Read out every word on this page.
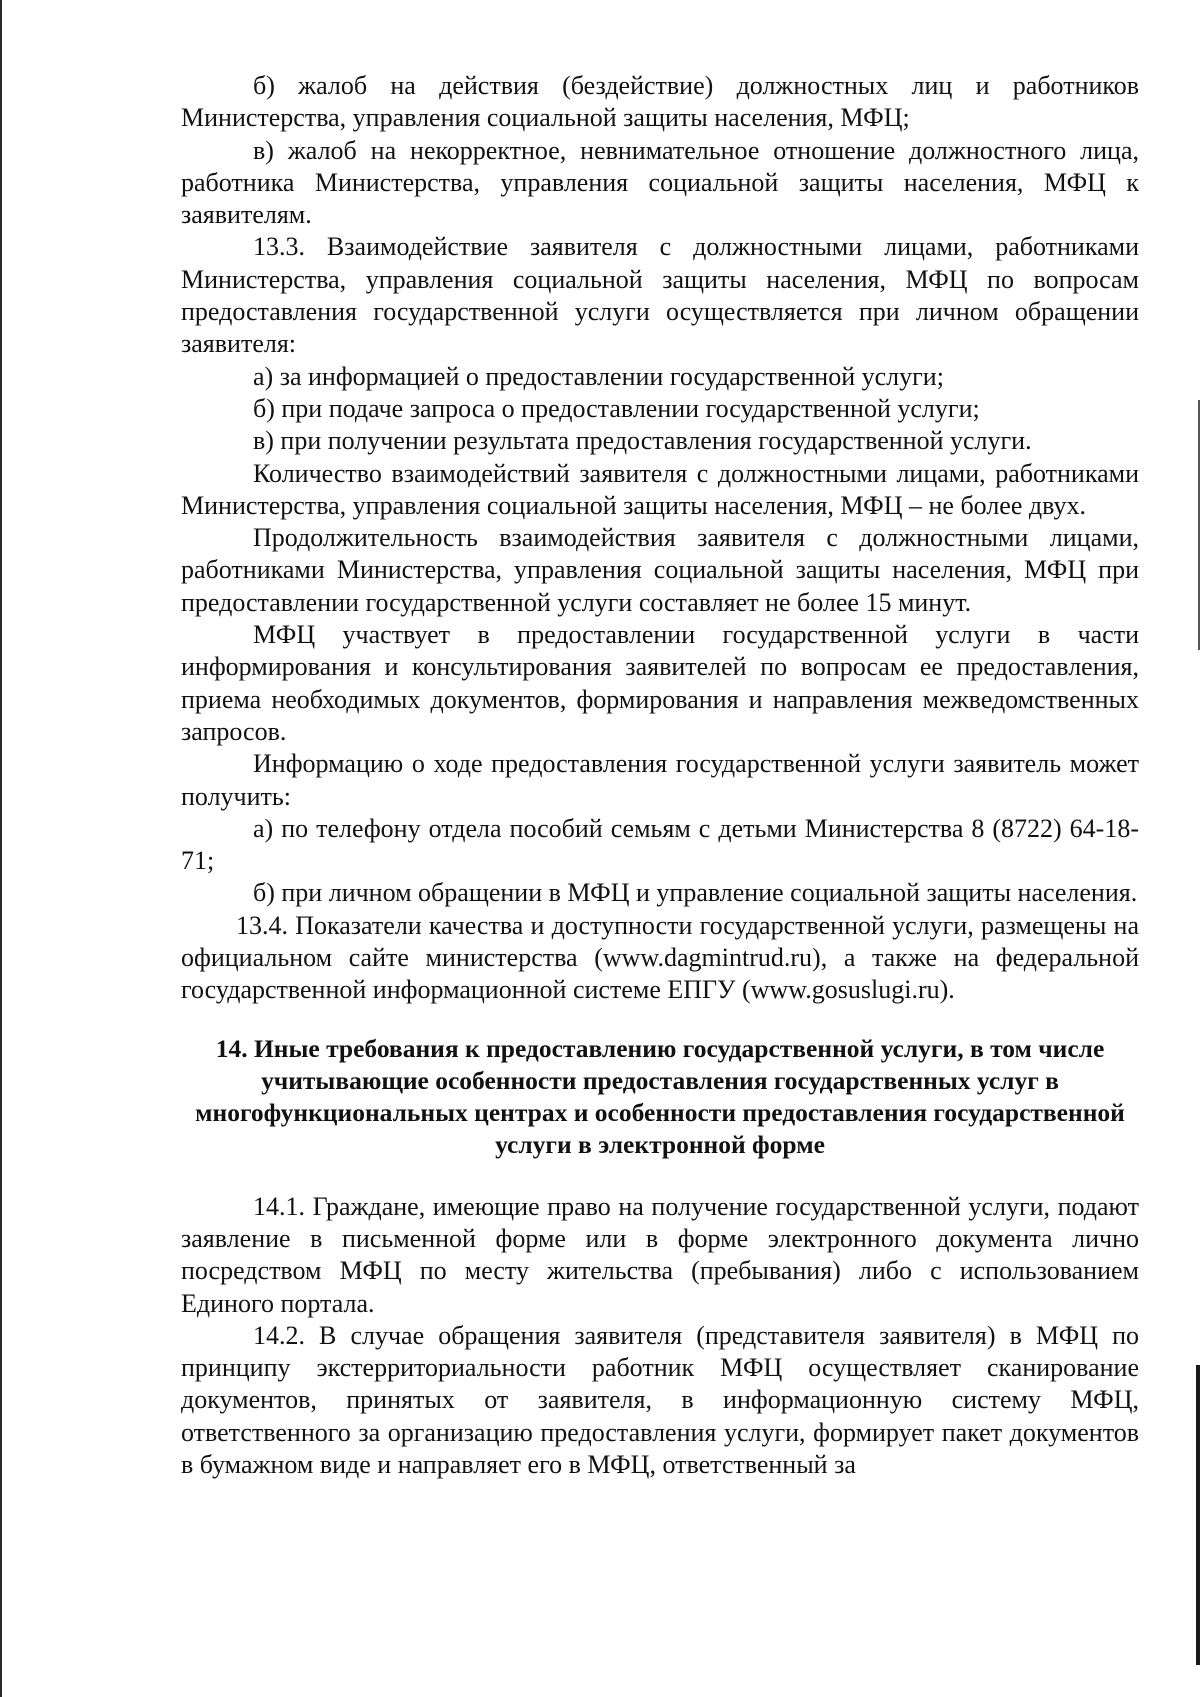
б) жалоб на действия (бездействие) должностных лиц и работников Министерства, управления социальной защиты населения, МФЦ;

в) жалоб на некорректное, невнимательное отношение должностного лица, работника Министерства, управления социальной защиты населения, МФЦ к заявителям.

13.3. Взаимодействие заявителя с должностными лицами, работниками Министерства, управления социальной защиты населения, МФЦ по вопросам предоставления государственной услуги осуществляется при личном обращении заявителя:

а) за информацией о предоставлении государственной услуги;

б) при подаче запроса о предоставлении государственной услуги;

в) при получении результата предоставления государственной услуги.

Количество взаимодействий заявителя с должностными лицами, работниками Министерства, управления социальной защиты населения, МФЦ – не более двух.

Продолжительность взаимодействия заявителя с должностными лицами, работниками Министерства, управления социальной защиты населения, МФЦ при предоставлении государственной услуги составляет не более 15 минут.

МФЦ участвует в предоставлении государственной услуги в части информирования и консультирования заявителей по вопросам ее предоставления, приема необходимых документов, формирования и направления межведомственных запросов.

Информацию о ходе предоставления государственной услуги заявитель может получить:

а) по телефону отдела пособий семьям с детьми Министерства 8 (8722) 64-18-71;

б) при личном обращении в МФЦ и управление социальной защиты населения.

13.4. Показатели качества и доступности государственной услуги, размещены на официальном сайте министерства (www.dagmintrud.ru), а также на федеральной государственной информационной системе ЕПГУ (www.gosuslugi.ru).

14. Иные требования к предоставлению государственной услуги, в том числе учитывающие особенности предоставления государственных услуг в многофункциональных центрах и особенности предоставления государственной услуги в электронной форме

14.1. Граждане, имеющие право на получение государственной услуги, подают заявление в письменной форме или в форме электронного документа лично посредством МФЦ по месту жительства (пребывания) либо с использованием Единого портала.

14.2. В случае обращения заявителя (представителя заявителя) в МФЦ по принципу экстерриториальности работник МФЦ осуществляет сканирование документов, принятых от заявителя, в информационную систему МФЦ, ответственного за организацию предоставления услуги, формирует пакет документов в бумажном виде и направляет его в МФЦ, ответственный за
